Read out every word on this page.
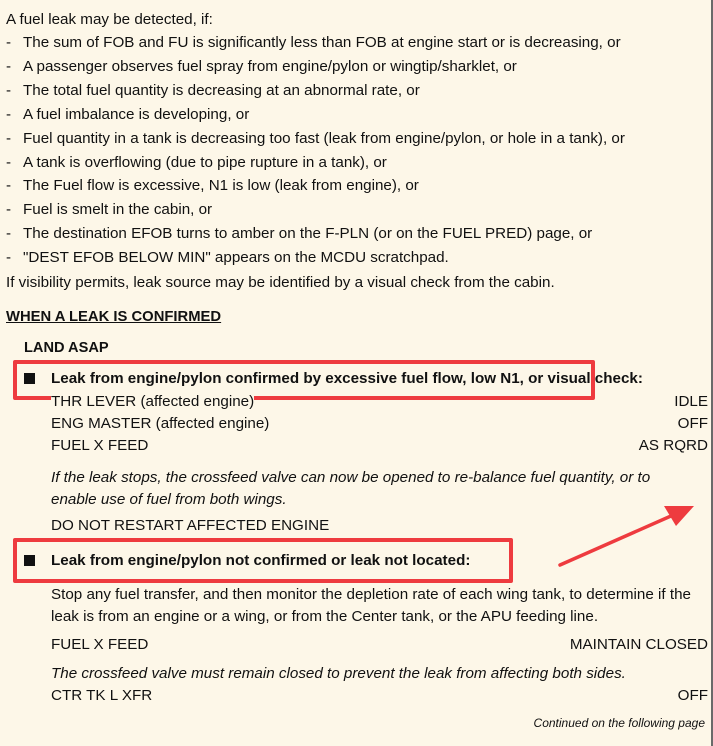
A fuel leak may be detected, if:

- The sum of FOB and FU is significantly less than FOB at engine start or is decreasing, or
- A passenger observes fuel spray from engine/pylon or wingtip/sharklet, or
- The total fuel quantity is decreasing at an abnormal rate, or
- A fuel imbalance is developing, or
- Fuel quantity in a tank is decreasing too fast (leak from engine/pylon, or hole in a tank), or
- A tank is overflowing (due to pipe rupture in a tank), or
- The Fuel flow is excessive, N1 is low (leak from engine), or
- Fuel is smelt in the cabin, or
- The destination EFOB turns to amber on the F-PLN (or on the FUEL PRED) page, or
- "DEST EFOB BELOW MIN" appears on the MCDU scratchpad.
If visibility permits, leak source may be identified by a visual check from the cabin.
WHEN A LEAK IS CONFIRMED
LAND ASAP
Leak from engine/pylon confirmed by excessive fuel flow, low N1, or visual check:
THR LEVER (affected engine)	IDLE
ENG MASTER (affected engine)	OFF
FUEL X FEED	AS RQRD
If the leak stops, the crossfeed valve can now be opened to re-balance fuel quantity, or to enable use of fuel from both wings.
DO NOT RESTART AFFECTED ENGINE
Leak from engine/pylon not confirmed or leak not located:
Stop any fuel transfer, and then monitor the depletion rate of each wing tank, to determine if the leak is from an engine or a wing, or from the Center tank, or the APU feeding line.
FUEL X FEED	MAINTAIN CLOSED
The crossfeed valve must remain closed to prevent the leak from affecting both sides.
CTR TK L XFR	OFF
Continued on the following page
